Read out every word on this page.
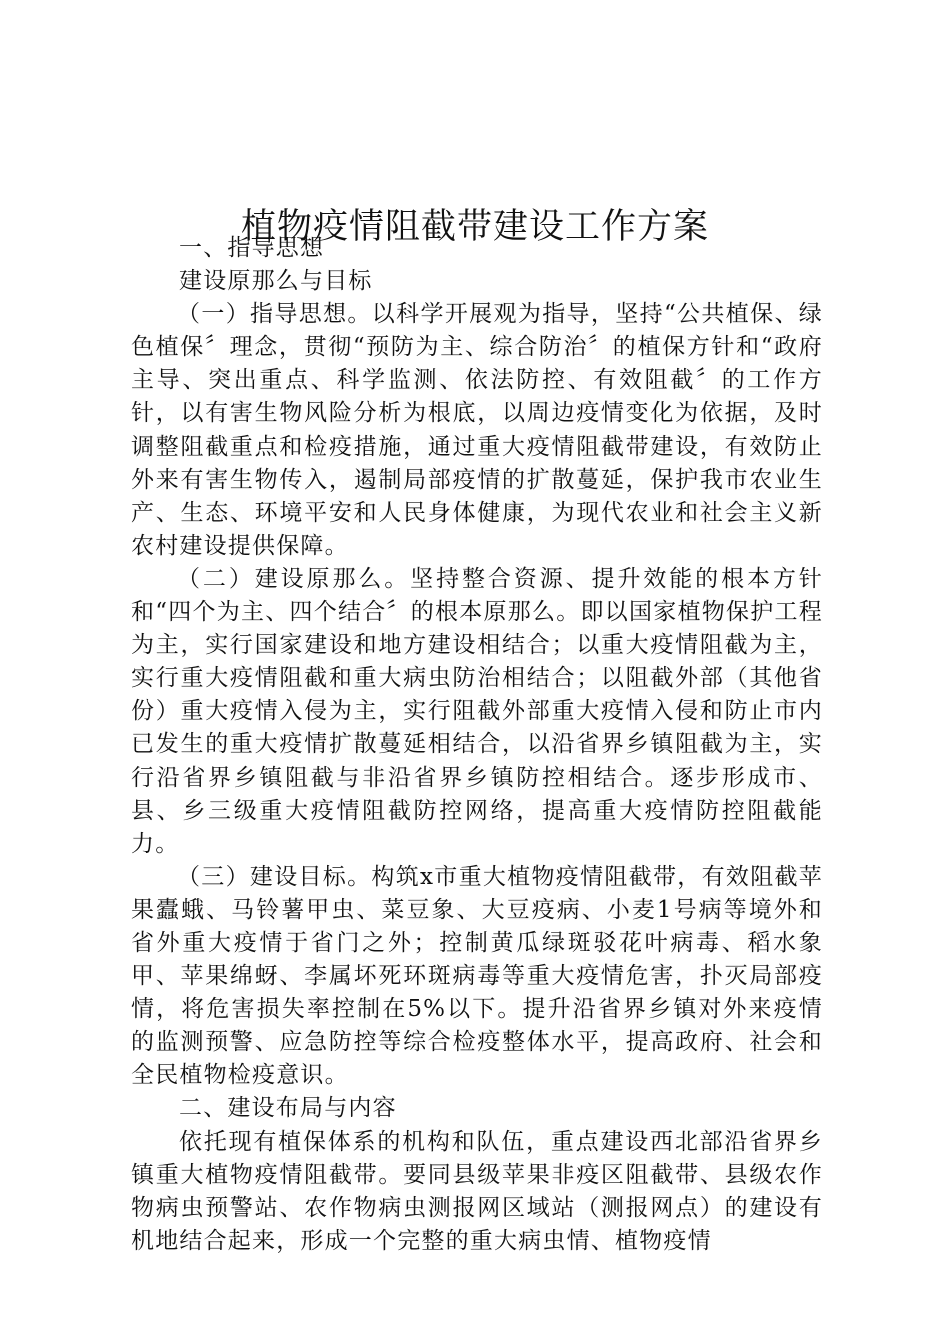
植物疫情阻截带建设工作方案

一、指导思想

建设原那么与目标

（一）指导思想。以科学开展观为指导，坚持“公共植保、绿色植保〞理念，贯彻“预防为主、综合防治〞的植保方针和“政府主导、突出重点、科学监测、依法防控、有效阻截〞的工作方针，以有害生物风险分析为根底，以周边疫情变化为依据，及时调整阻截重点和检疫措施，通过重大疫情阻截带建设，有效防止外来有害生物传入，遏制局部疫情的扩散蔓延，保护我市农业生产、生态、环境平安和人民身体健康，为现代农业和社会主义新农村建设提供保障。

（二）建设原那么。坚持整合资源、提升效能的根本方针和“四个为主、四个结合〞的根本原那么。即以国家植物保护工程为主，实行国家建设和地方建设相结合；以重大疫情阻截为主，实行重大疫情阻截和重大病虫防治相结合；以阻截外部（其他省份）重大疫情入侵为主，实行阻截外部重大疫情入侵和防止市内已发生的重大疫情扩散蔓延相结合，以沿省界乡镇阻截为主，实行沿省界乡镇阻截与非沿省界乡镇防控相结合。逐步形成市、县、乡三级重大疫情阻截防控网络，提高重大疫情防控阻截能力。

（三）建设目标。构筑x市重大植物疫情阻截带，有效阻截苹果蠹蛾、马铃薯甲虫、菜豆象、大豆疫病、小麦1号病等境外和省外重大疫情于省门之外；控制黄瓜绿斑驳花叶病毒、稻水象甲、苹果绵蚜、李属坏死环斑病毒等重大疫情危害，扑灭局部疫情，将危害损失率控制在5%以下。提升沿省界乡镇对外来疫情的监测预警、应急防控等综合检疫整体水平，提高政府、社会和全民植物检疫意识。

二、建设布局与内容

依托现有植保体系的机构和队伍，重点建设西北部沿省界乡镇重大植物疫情阻截带。要同县级苹果非疫区阻截带、县级农作物病虫预警站、农作物病虫测报网区域站（测报网点）的建设有机地结合起来，形成一个完整的重大病虫情、植物疫情
